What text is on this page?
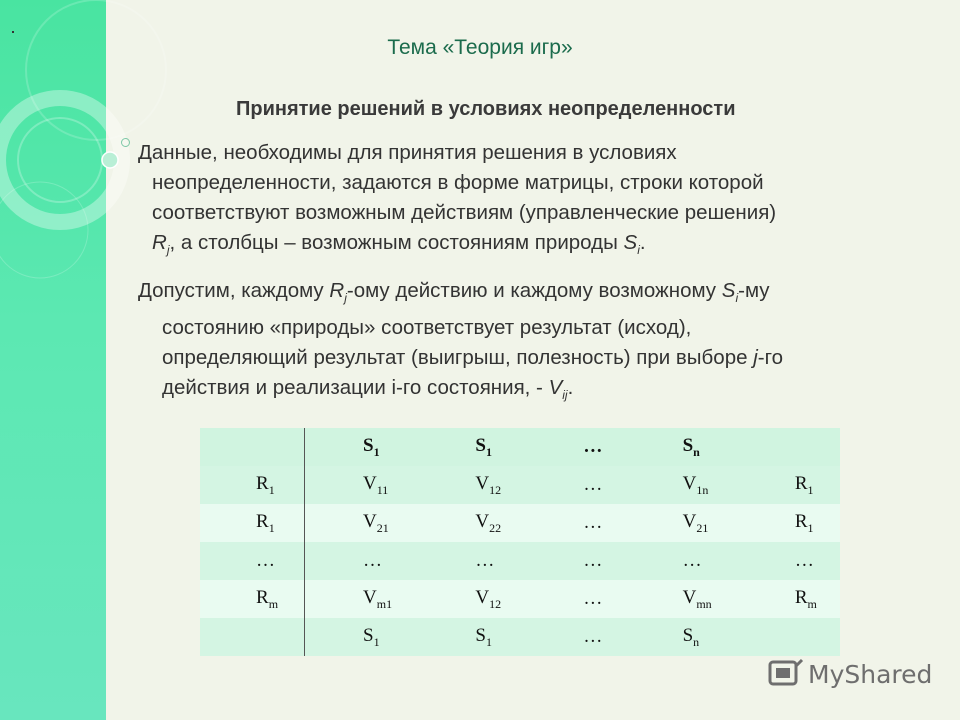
Тема «Теория игр»
Принятие решений в условиях неопределенности
Данные, необходимы для принятия решения в условиях
неопределенности, задаются в форме матрицы, строки которой
соответствуют возможным действиям (управленческие решения)
$R_j$, а столбцы – возможным состояниям природы $S_i$.
Допустим, каждому $R_j$-ому действию и каждому возможному $S_i-му$
состоянию «природы» соответствует результат (исход),
определяющий результат (выигрыш, полезность) при выборе j-го
действия и реализации i-го состояния, - $V_{ij}$.
	$S_1$	$S_1$	…	$S_n$	
$R_1$	$V_{11}$	$V_{12}$	…	$V_{1n}$	$R_1$
$R_1$	$V_{21}$	$V_{22}$	…	$V_{21}$	$R_1$
…	…	…	…	…	…
$R_m$	$V_{m1}$	$V_{12}$	…	$V_{mn}$	$R_m$
	$S_1$	$S_1$	…	$S_n$	
MyShared
